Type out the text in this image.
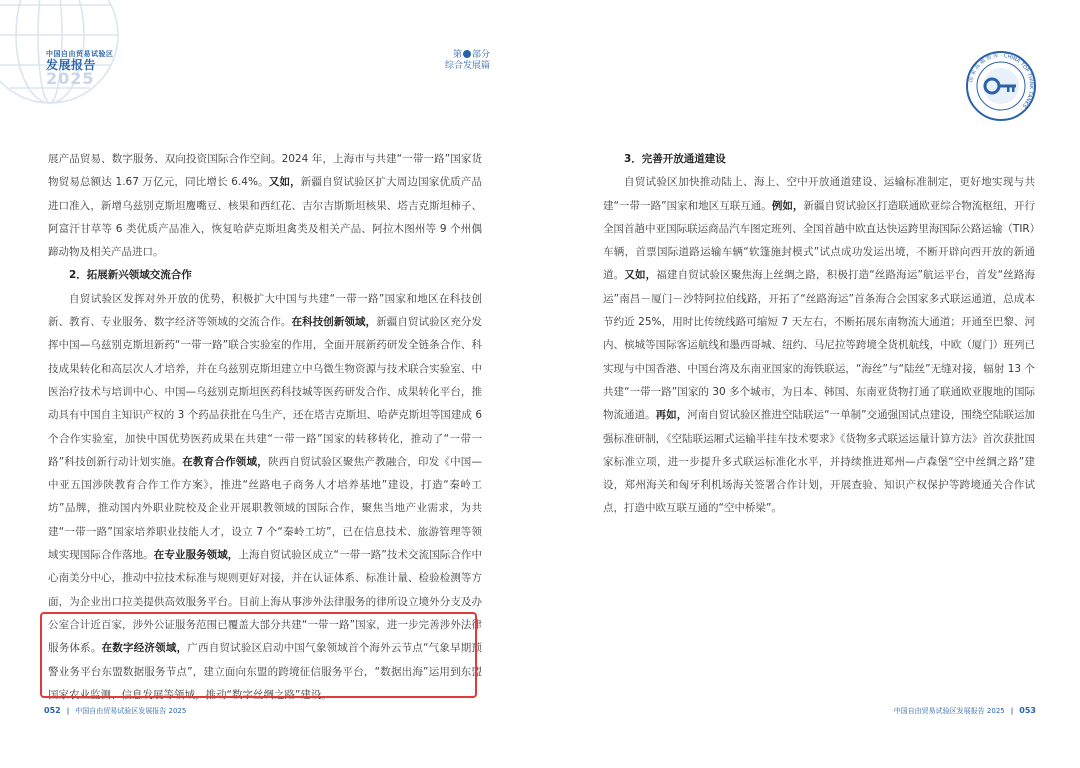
中国自由贸易试验区
发展报告
2025
第 部分
综合发展篇
国 家 高 端 智 库 · CHINA TOP THINK TANKS ·

展产品贸易、数字服务、双向投资国际合作空间。2024 年，上海市与共建“一带一路”国家货物贸易总额达 1.67 万亿元，同比增长 6.4%。又如，新疆自贸试验区扩大周边国家优质产品进口准入，新增乌兹别克斯坦鹰嘴豆、核果和西红花、吉尔吉斯斯坦核果、塔吉克斯坦柿子、阿富汗甘草等 6 类优质产品准入，恢复哈萨克斯坦禽类及相关产品、阿拉木图州等 9 个州偶蹄动物及相关产品进口。

2．拓展新兴领域交流合作

自贸试验区发挥对外开放的优势，积极扩大中国与共建“一带一路”国家和地区在科技创新、教育、专业服务、数字经济等领域的交流合作。在科技创新领域，新疆自贸试验区充分发挥中国—乌兹别克斯坦新药“一带一路”联合实验室的作用，全面开展新药研发全链条合作、科技成果转化和高层次人才培养，并在乌兹别克斯坦建立中乌微生物资源与技术联合实验室、中医治疗技术与培训中心、中国—乌兹别克斯坦医药科技城等医药研发合作、成果转化平台，推动具有中国自主知识产权的 3 个药品获批在乌生产，还在塔吉克斯坦、哈萨克斯坦等国建成 6 个合作实验室，加快中国优势医药成果在共建“一带一路”国家的转移转化，推动了“一带一路”科技创新行动计划实施。在教育合作领域，陕西自贸试验区聚焦产教融合，印发《中国—中亚五国涉陕教育合作工作方案》，推进“丝路电子商务人才培养基地”建设，打造“秦岭工坊”品牌，推动国内外职业院校及企业开展职教领域的国际合作，聚焦当地产业需求，为共建“一带一路”国家培养职业技能人才，设立 7 个“秦岭工坊”，已在信息技术、旅游管理等领域实现国际合作落地。在专业服务领域，上海自贸试验区成立“一带一路”技术交流国际合作中心南美分中心，推动中拉技术标准与规则更好对接，并在认证体系、标准计量、检验检测等方面，为企业出口拉美提供高效服务平台。目前上海从事涉外法律服务的律所设立境外分支及办公室合计近百家，涉外公证服务范围已覆盖大部分共建“一带一路”国家，进一步完善涉外法律服务体系。在数字经济领域，广西自贸试验区启动中国气象领域首个海外云节点“气象早期预警业务平台东盟数据服务节点”，建立面向东盟的跨境征信服务平台，“数据出海”运用到东盟国家农业监测、信息发展等领域，推动“数字丝绸之路”建设。

3．完善开放通道建设

自贸试验区加快推动陆上、海上、空中开放通道建设、运输标准制定，更好地实现与共建“一带一路”国家和地区互联互通。例如，新疆自贸试验区打造联通欧亚综合物流枢纽，开行全国首趟中亚国际联运商品汽车图定班列、全国首趟中欧直达快运跨里海国际公路运输（TIR）车辆，首票国际道路运输车辆“软篷施封模式”试点成功发运出境，不断开辟向西开放的新通道。又如，福建自贸试验区聚焦海上丝绸之路，积极打造“丝路海运”航运平台，首发“丝路海运”南昌－厦门－沙特阿拉伯线路，开拓了“丝路海运”首条海合会国家多式联运通道，总成本节约近 25%，用时比传统线路可缩短 7 天左右，不断拓展东南物流大通道；开通至巴黎、河内、槟城等国际客运航线和墨西哥城、纽约、马尼拉等跨境全货机航线，中欧（厦门）班列已实现与中国香港、中国台湾及东南亚国家的海铁联运，“海丝”与“陆丝”无缝对接，辐射 13 个共建“一带一路”国家的 30 多个城市，为日本、韩国、东南亚货物打通了联通欧亚腹地的国际物流通道。再如，河南自贸试验区推进空陆联运“一单制”交通强国试点建设，围绕空陆联运加强标准研制，《空陆联运厢式运输半挂车技术要求》《货物多式联运运量计算方法》首次获批国家标准立项，进一步提升多式联运标准化水平，并持续推进郑州—卢森堡“空中丝绸之路”建设，郑州海关和匈牙利机场海关签署合作计划，开展查验、知识产权保护等跨境通关合作试点，打造中欧互联互通的“空中桥梁”。

052 | 中国自由贸易试验区发展报告 2025	中国自由贸易试验区发展报告 2025 | 053
